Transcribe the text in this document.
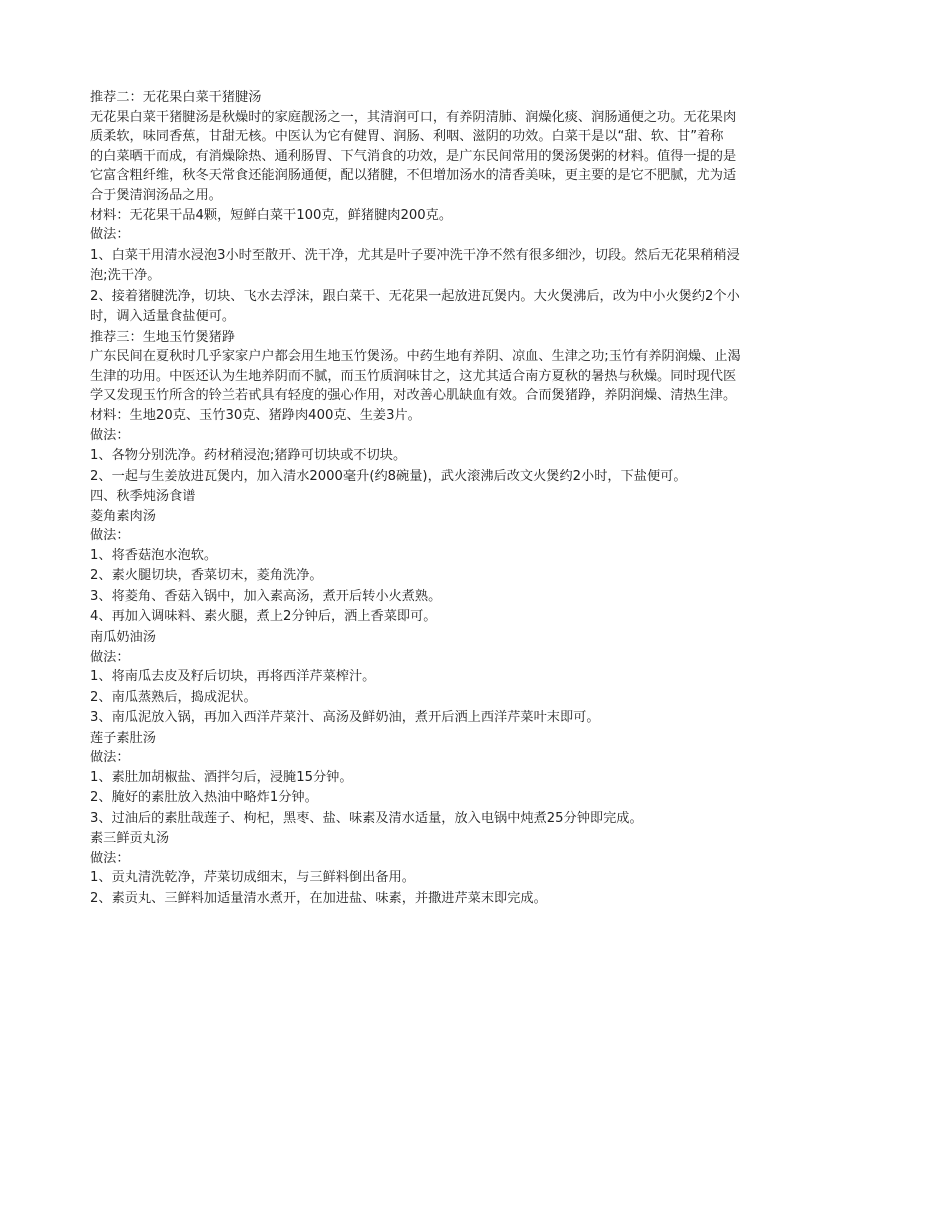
推荐二：无花果白菜干猪腱汤
无花果白菜干猪腱汤是秋燥时的家庭靓汤之一，其清润可口，有养阴清肺、润燥化痰、润肠通便之功。无花果肉
质柔软，味同香蕉，甘甜无核。中医认为它有健胃、润肠、利咽、滋阴的功效。白菜干是以“甜、软、甘”着称
的白菜晒干而成，有消燥除热、通利肠胃、下气消食的功效，是广东民间常用的煲汤煲粥的材料。值得一提的是
它富含粗纤维，秋冬天常食还能润肠通便，配以猪腱，不但增加汤水的清香美味，更主要的是它不肥腻，尤为适
合于煲清润汤品之用。
材料：无花果干品4颗，短鲜白菜干100克，鲜猪腱肉200克。
做法：
1、白菜干用清水浸泡3小时至散开、洗干净，尤其是叶子要冲洗干净不然有很多细沙，切段。然后无花果稍稍浸
泡;洗干净。
2、接着猪腱洗净，切块、飞水去浮沫，跟白菜干、无花果一起放进瓦煲内。大火煲沸后，改为中小火煲约2个小
时，调入适量食盐便可。
推荐三：生地玉竹煲猪踭
广东民间在夏秋时几乎家家户户都会用生地玉竹煲汤。中药生地有养阴、凉血、生津之功;玉竹有养阴润燥、止渴
生津的功用。中医还认为生地养阴而不腻，而玉竹质润味甘之，这尤其适合南方夏秋的暑热与秋燥。同时现代医
学又发现玉竹所含的铃兰若甙具有轻度的强心作用，对改善心肌缺血有效。合而煲猪踭，养阴润燥、清热生津。
材料：生地20克、玉竹30克、猪踭肉400克、生姜3片。
做法：
1、各物分别洗净。药材稍浸泡;猪踭可切块或不切块。
2、一起与生姜放进瓦煲内，加入清水2000毫升(约8碗量)，武火滚沸后改文火煲约2小时，下盐便可。
四、秋季炖汤食谱
菱角素肉汤
做法：
1、将香菇泡水泡软。
2、素火腿切块，香菜切末，菱角洗净。
3、将菱角、香菇入锅中，加入素高汤，煮开后转小火煮熟。
4、再加入调味料、素火腿，煮上2分钟后，洒上香菜即可。
南瓜奶油汤
做法：
1、将南瓜去皮及籽后切块，再将西洋芹菜榨汁。
2、南瓜蒸熟后，捣成泥状。
3、南瓜泥放入锅，再加入西洋芹菜汁、高汤及鲜奶油，煮开后洒上西洋芹菜叶末即可。
莲子素肚汤
做法：
1、素肚加胡椒盐、酒拌匀后，浸腌15分钟。
2、腌好的素肚放入热油中略炸1分钟。
3、过油后的素肚哉莲子、枸杞，黑枣、盐、味素及清水适量，放入电锅中炖煮25分钟即完成。
素三鲜贡丸汤
做法：
1、贡丸清洗乾净，芹菜切成细末，与三鲜料倒出备用。
2、素贡丸、三鲜料加适量清水煮开，在加进盐、味素，并撒进芹菜末即完成。
